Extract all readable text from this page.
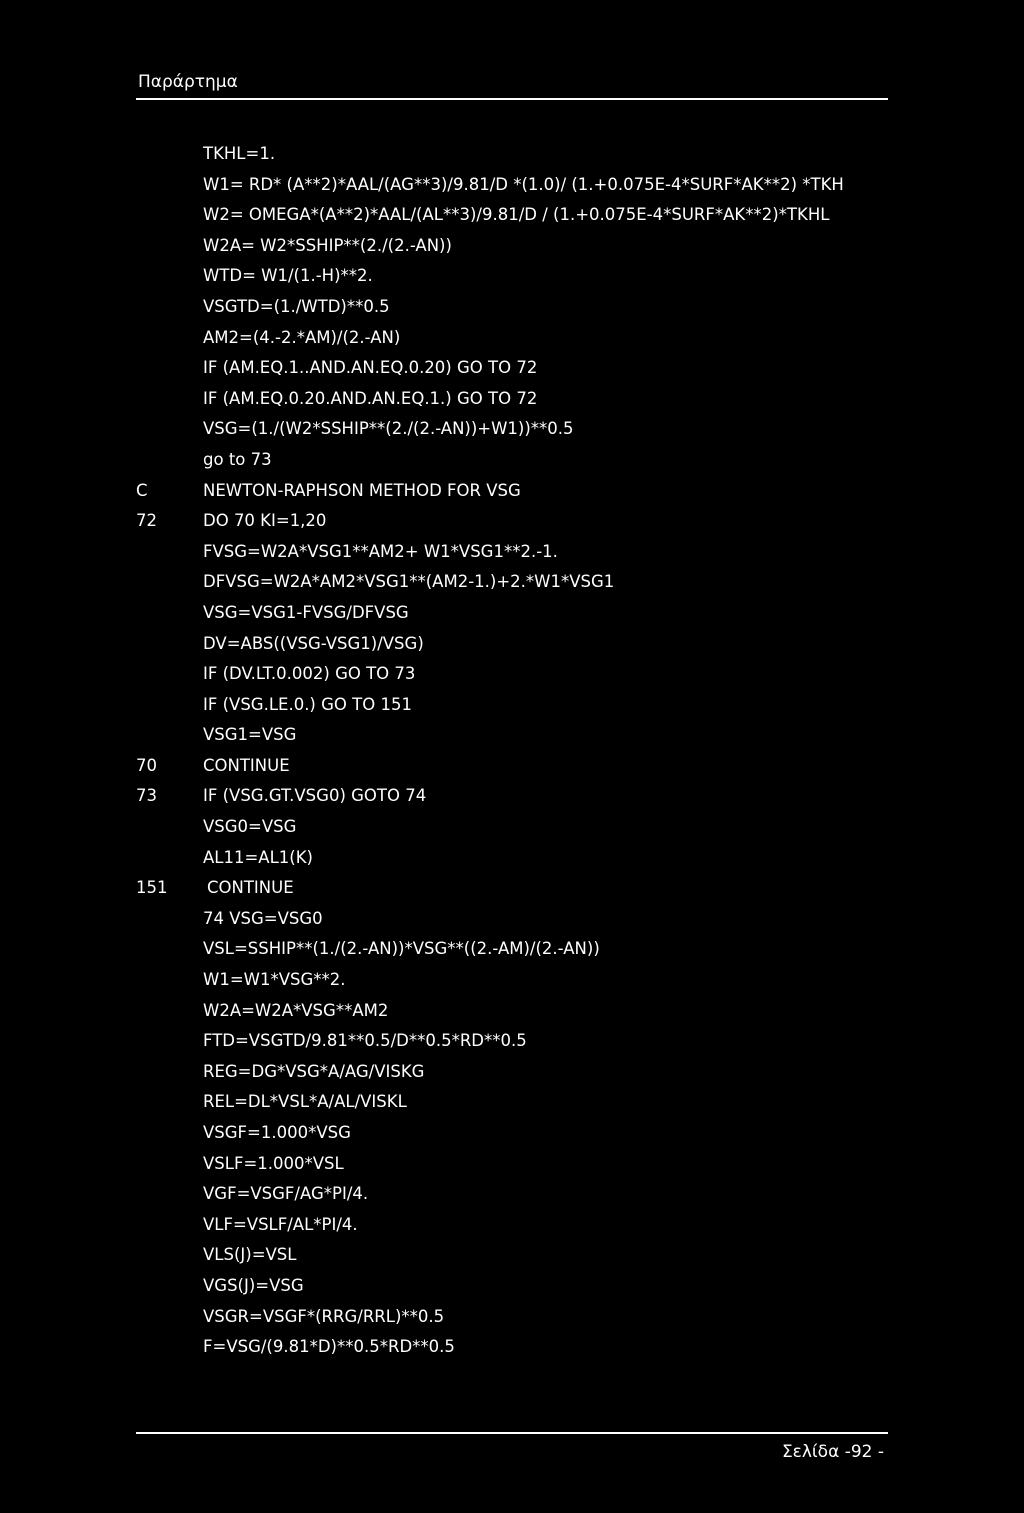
Παράρτημα
TKHL=1.
W1= RD* (A**2)*AAL/(AG**3)/9.81/D *(1.0)/ (1.+0.075E-4*SURF*AK**2) *TKH
W2= OMEGA*(A**2)*AAL/(AL**3)/9.81/D / (1.+0.075E-4*SURF*AK**2)*TKHL
W2A= W2*SSHIP**(2./(2.-AN))
WTD= W1/(1.-H)**2.
VSGTD=(1./WTD)**0.5
AM2=(4.-2.*AM)/(2.-AN)
IF (AM.EQ.1..AND.AN.EQ.0.20) GO TO 72
IF (AM.EQ.0.20.AND.AN.EQ.1.) GO TO 72
VSG=(1./(W2*SSHIP**(2./(2.-AN))+W1))**0.5
go to 73
C	NEWTON-RAPHSON METHOD FOR VSG
72	DO 70 KI=1,20
FVSG=W2A*VSG1**AM2+ W1*VSG1**2.-1.
DFVSG=W2A*AM2*VSG1**(AM2-1.)+2.*W1*VSG1
VSG=VSG1-FVSG/DFVSG
DV=ABS((VSG-VSG1)/VSG)
IF (DV.LT.0.002) GO TO 73
IF (VSG.LE.0.) GO TO 151
VSG1=VSG
70	CONTINUE
73	IF (VSG.GT.VSG0) GOTO 74
VSG0=VSG
AL11=AL1(K)
151 CONTINUE
74 VSG=VSG0
VSL=SSHIP**(1./(2.-AN))*VSG**((2.-AM)/(2.-AN))
W1=W1*VSG**2.
W2A=W2A*VSG**AM2
FTD=VSGTD/9.81**0.5/D**0.5*RD**0.5
REG=DG*VSG*A/AG/VISKG
REL=DL*VSL*A/AL/VISKL
VSGF=1.000*VSG
VSLF=1.000*VSL
VGF=VSGF/AG*PI/4.
VLF=VSLF/AL*PI/4.
VLS(J)=VSL
VGS(J)=VSG
VSGR=VSGF*(RRG/RRL)**0.5
F=VSG/(9.81*D)**0.5*RD**0.5
Σελίδα -92 -
